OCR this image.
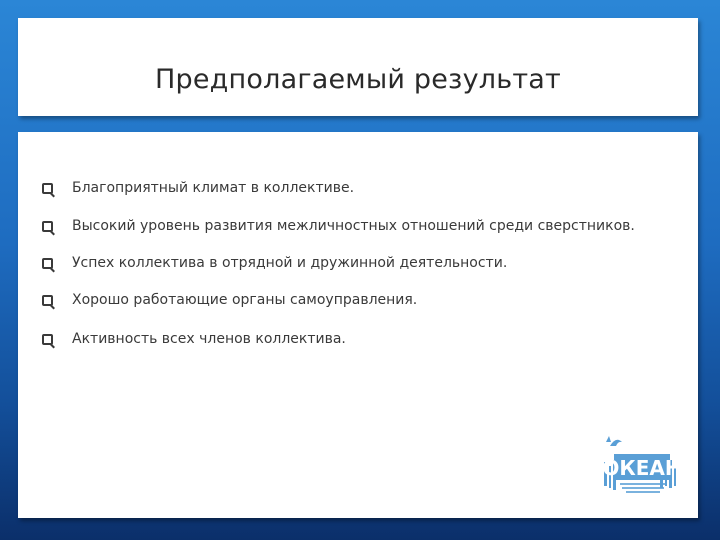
Предполагаемый результат
Благоприятный климат в коллективе.
Высокий уровень развития межличностных отношений среди сверстников.
Успех коллектива в отрядной и дружинной деятельности.
Хорошо работающие органы самоуправления.
Активность всех членов коллектива.
ОКЕАН
